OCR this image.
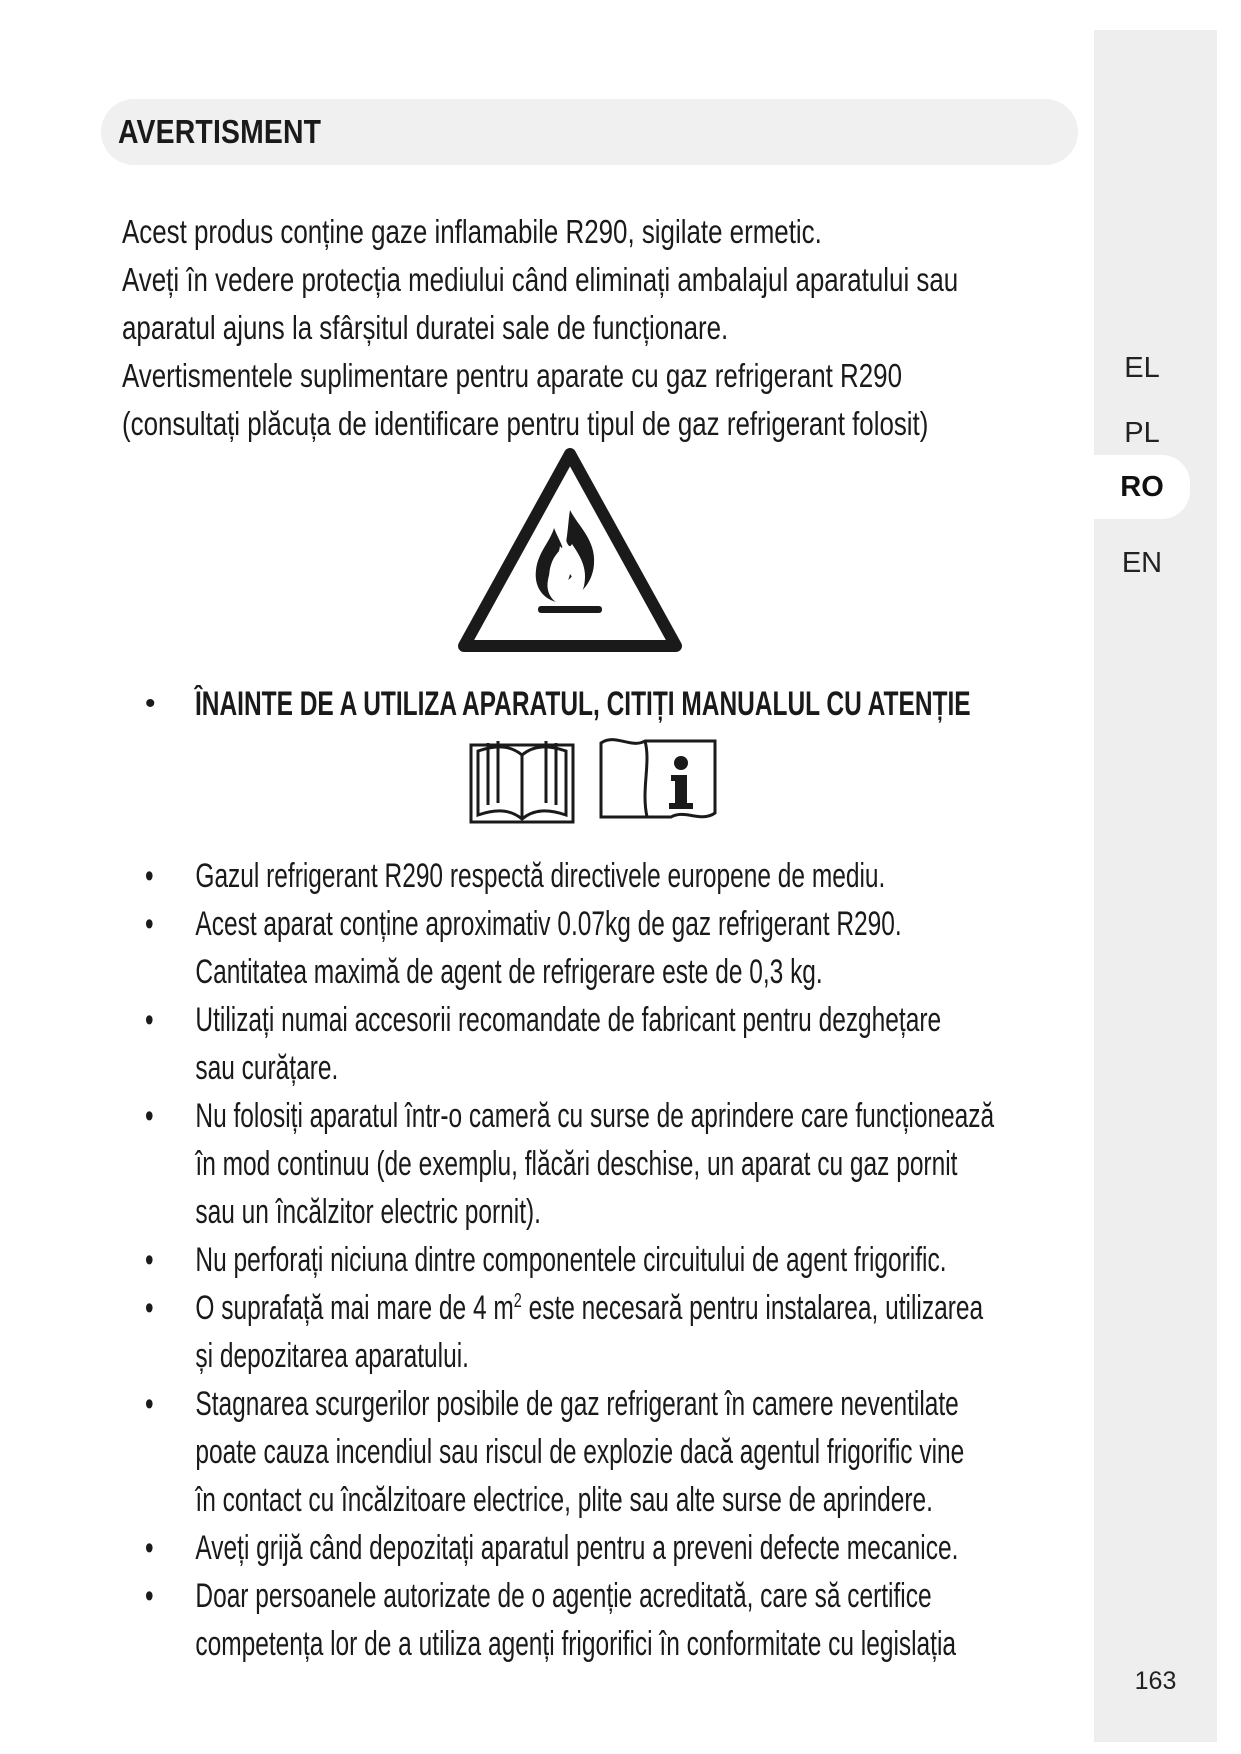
EL
PL
RO
EN
163
AVERTISMENT
Acest produs conține gaze inflamabile R290, sigilate ermetic.
Aveți în vedere protecția mediului când eliminați ambalajul aparatului sau
aparatul ajuns la sfârșitul duratei sale de funcționare.
Avertismentele suplimentare pentru aparate cu gaz refrigerant R290
(consultați plăcuța de identificare pentru tipul de gaz refrigerant folosit)
• ÎNAINTE DE A UTILIZA APARATUL, CITIȚI MANUALUL CU ATENȚIE
• Gazul refrigerant R290 respectă directivele europene de mediu.
• Acest aparat conține aproximativ 0.07kg de gaz refrigerant R290.
Cantitatea maximă de agent de refrigerare este de 0,3 kg.
• Utilizați numai accesorii recomandate de fabricant pentru dezghețare
sau curățare.
• Nu folosiți aparatul într-o cameră cu surse de aprindere care funcționează
în mod continuu (de exemplu, flăcări deschise, un aparat cu gaz pornit
sau un încălzitor electric pornit).
• Nu perforați niciuna dintre componentele circuitului de agent frigorific.
• O suprafață mai mare de 4 $m^2$ este necesară pentru instalarea, utilizarea
și depozitarea aparatului.
• Stagnarea scurgerilor posibile de gaz refrigerant în camere neventilate
poate cauza incendiul sau riscul de explozie dacă agentul frigorific vine
în contact cu încălzitoare electrice, plite sau alte surse de aprindere.
• Aveți grijă când depozitați aparatul pentru a preveni defecte mecanice.
• Doar persoanele autorizate de o agenție acreditată, care să certifice
competența lor de a utiliza agenți frigorifici în conformitate cu legislația
